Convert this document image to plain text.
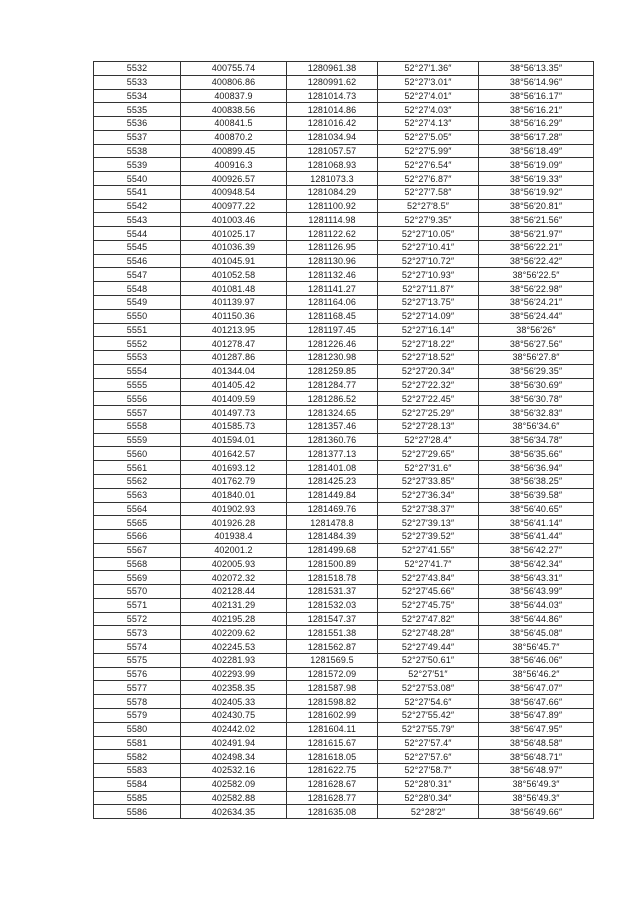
5532	400755.74	1280961.38	52°27′1.36″	38°56′13.35″
5533	400806.86	1280991.62	52°27′3.01″	38°56′14.96″
5534	400837.9	1281014.73	52°27′4.01″	38°56′16.17″
5535	400838.56	1281014.86	52°27′4.03″	38°56′16.21″
5536	400841.5	1281016.42	52°27′4.13″	38°56′16.29″
5537	400870.2	1281034.94	52°27′5.05″	38°56′17.28″
5538	400899.45	1281057.57	52°27′5.99″	38°56′18.49″
5539	400916.3	1281068.93	52°27′6.54″	38°56′19.09″
5540	400926.57	1281073.3	52°27′6.87″	38°56′19.33″
5541	400948.54	1281084.29	52°27′7.58″	38°56′19.92″
5542	400977.22	1281100.92	52°27′8.5″	38°56′20.81″
5543	401003.46	1281114.98	52°27′9.35″	38°56′21.56″
5544	401025.17	1281122.62	52°27′10.05″	38°56′21.97″
5545	401036.39	1281126.95	52°27′10.41″	38°56′22.21″
5546	401045.91	1281130.96	52°27′10.72″	38°56′22.42″
5547	401052.58	1281132.46	52°27′10.93″	38°56′22.5″
5548	401081.48	1281141.27	52°27′11.87″	38°56′22.98″
5549	401139.97	1281164.06	52°27′13.75″	38°56′24.21″
5550	401150.36	1281168.45	52°27′14.09″	38°56′24.44″
5551	401213.95	1281197.45	52°27′16.14″	38°56′26″
5552	401278.47	1281226.46	52°27′18.22″	38°56′27.56″
5553	401287.86	1281230.98	52°27′18.52″	38°56′27.8″
5554	401344.04	1281259.85	52°27′20.34″	38°56′29.35″
5555	401405.42	1281284.77	52°27′22.32″	38°56′30.69″
5556	401409.59	1281286.52	52°27′22.45″	38°56′30.78″
5557	401497.73	1281324.65	52°27′25.29″	38°56′32.83″
5558	401585.73	1281357.46	52°27′28.13″	38°56′34.6″
5559	401594.01	1281360.76	52°27′28.4″	38°56′34.78″
5560	401642.57	1281377.13	52°27′29.65″	38°56′35.66″
5561	401693.12	1281401.08	52°27′31.6″	38°56′36.94″
5562	401762.79	1281425.23	52°27′33.85″	38°56′38.25″
5563	401840.01	1281449.84	52°27′36.34″	38°56′39.58″
5564	401902.93	1281469.76	52°27′38.37″	38°56′40.65″
5565	401926.28	1281478.8	52°27′39.13″	38°56′41.14″
5566	401938.4	1281484.39	52°27′39.52″	38°56′41.44″
5567	402001.2	1281499.68	52°27′41.55″	38°56′42.27″
5568	402005.93	1281500.89	52°27′41.7″	38°56′42.34″
5569	402072.32	1281518.78	52°27′43.84″	38°56′43.31″
5570	402128.44	1281531.37	52°27′45.66″	38°56′43.99″
5571	402131.29	1281532.03	52°27′45.75″	38°56′44.03″
5572	402195.28	1281547.37	52°27′47.82″	38°56′44.86″
5573	402209.62	1281551.38	52°27′48.28″	38°56′45.08″
5574	402245.53	1281562.87	52°27′49.44″	38°56′45.7″
5575	402281.93	1281569.5	52°27′50.61″	38°56′46.06″
5576	402293.99	1281572.09	52°27′51″	38°56′46.2″
5577	402358.35	1281587.98	52°27′53.08″	38°56′47.07″
5578	402405.33	1281598.82	52°27′54.6″	38°56′47.66″
5579	402430.75	1281602.99	52°27′55.42″	38°56′47.89″
5580	402442.02	1281604.11	52°27′55.79″	38°56′47.95″
5581	402491.94	1281615.67	52°27′57.4″	38°56′48.58″
5582	402498.34	1281618.05	52°27′57.6″	38°56′48.71″
5583	402532.16	1281622.75	52°27′58.7″	38°56′48.97″
5584	402582.09	1281628.67	52°28′0.31″	38°56′49.3″
5585	402582.88	1281628.77	52°28′0.34″	38°56′49.3″
5586	402634.35	1281635.08	52°28′2″	38°56′49.66″
